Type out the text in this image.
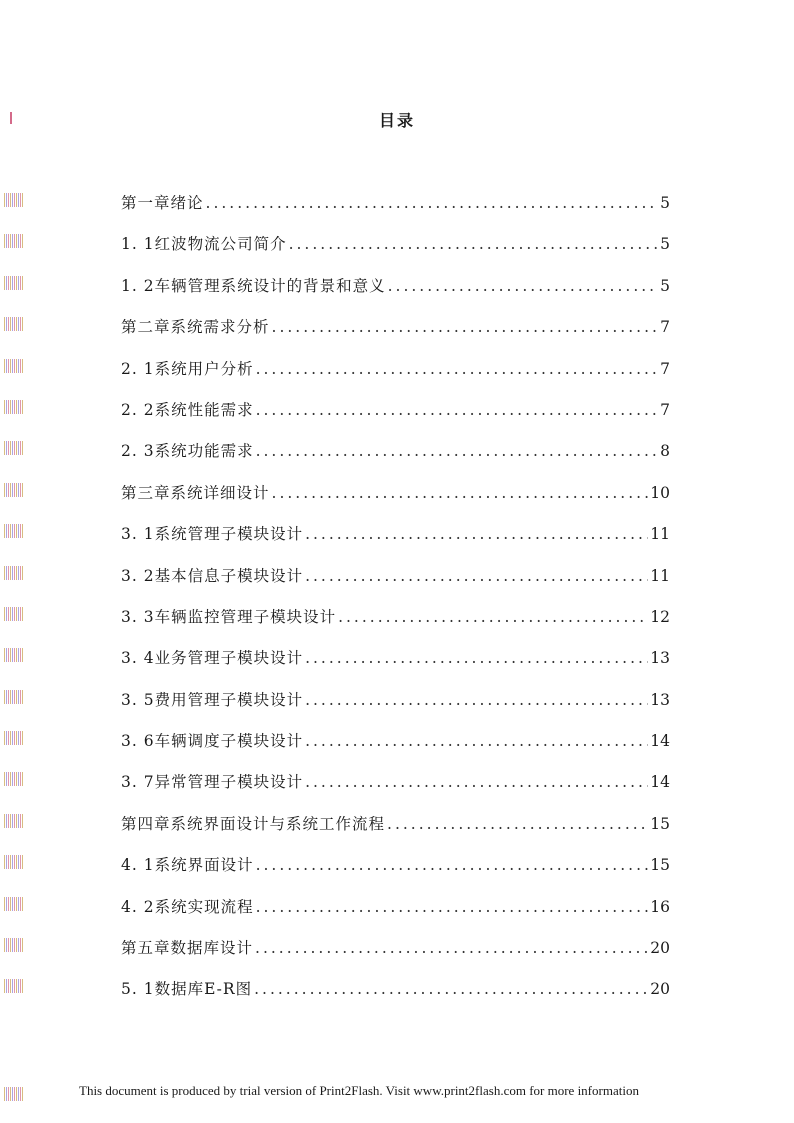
目录
第一章绪论 .....	5
1. 1红波物流公司简介 .....	5
1. 2车辆管理系统设计的背景和意义 .....	5
第二章系统需求分析 .....	7
2. 1系统用户分析 .....	7
2. 2系统性能需求 .....	7
2. 3系统功能需求 .....	8
第三章系统详细设计 .....	10
3. 1系统管理子模块设计 .....	11
3. 2基本信息子模块设计 .....	11
3. 3车辆监控管理子模块设计 .....	12
3. 4业务管理子模块设计 .....	13
3. 5费用管理子模块设计 .....	13
3. 6车辆调度子模块设计 .....	14
3. 7异常管理子模块设计 .....	14
第四章系统界面设计与系统工作流程 .....	15
4. 1系统界面设计 .....	15
4. 2系统实现流程 .....	16
第五章数据库设计 .....	20
5. 1数据库E-R图 .....	20
This document is produced by trial version of Print2Flash. Visit www.print2flash.com for more information
